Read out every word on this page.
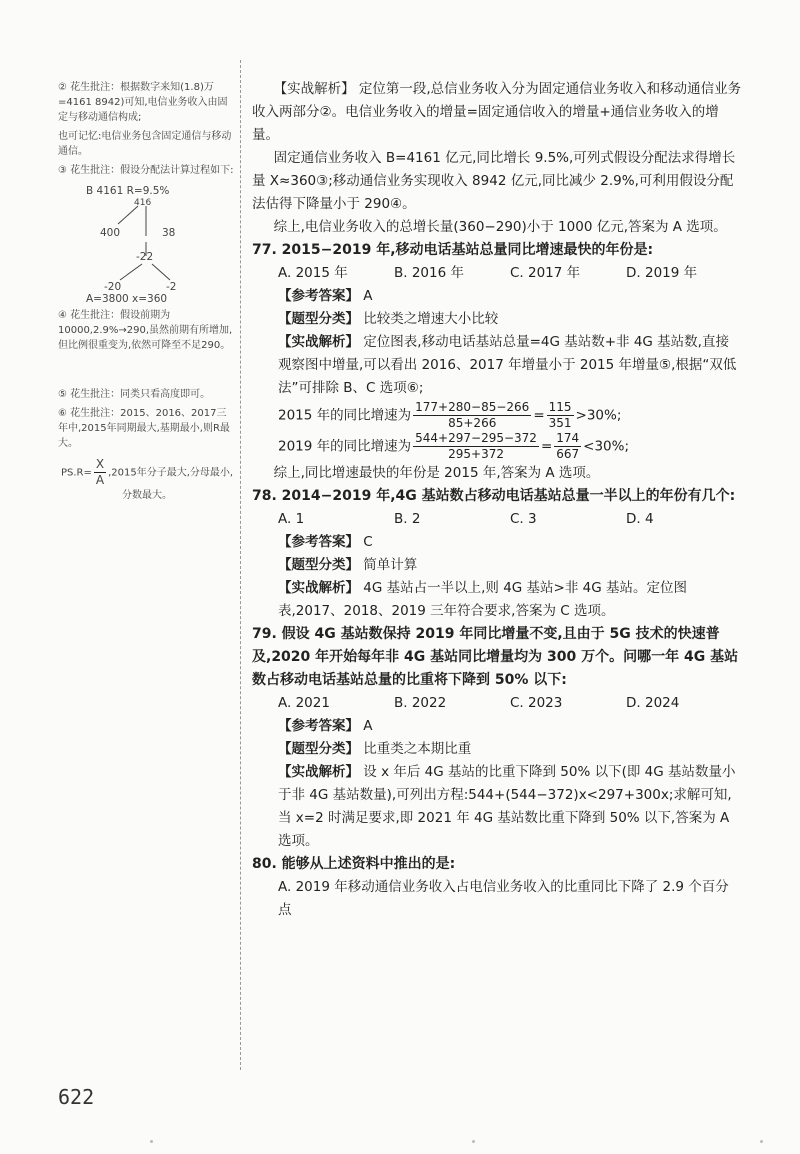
② 花生批注：根据数字来知(1.8)万=4161 8942)可知,电信业务收入由固定与移动通信构成;

也可记忆:电信业务包含固定通信与移动通信。

③ 花生批注：假设分配法计算过程如下:

B 4161 R=9.5%
416
400	38
-22
-20	-2
A=3800 x=360

④ 花生批注：假设前期为10000,2.9%→290,虽然前期有所增加,但比例很重变为,依然可降至不足290。

⑤ 花生批注：同类只看高度即可。

⑥ 花生批注：2015、2016、2017三年中,2015年同期最大,基期最小,则R最大。

$PS.R= \frac{X}{A} ,2015$年分子最大,分母最小,分数最大。

【实战解析】 定位第一段,总信业务收入分为固定通信业务收入和移动通信业务收入两部分②。电信业务收入的增量=固定通信收入的增量+通信业务收入的增量。

固定通信业务收入 B=4161 亿元,同比增长 9.5%,可列式假设分配法求得增长量 X≈360③;移动通信业务实现收入 8942 亿元,同比减少 2.9%,可利用假设分配法估得下降量小于 290④。

综上,电信业务收入的总增长量(360−290)小于 1000 亿元,答案为 A 选项。

77. 2015−2019 年,移动电话基站总量同比增速最快的年份是:

A. 2015 年	B. 2016 年	C. 2017 年	D. 2019 年

【参考答案】 A

【题型分类】 比较类之增速大小比较

【实战解析】 定位图表,移动电话基站总量=4G 基站数+非 4G 基站数,直接观察图中增量,可以看出 2016、2017 年增量小于 2015 年增量⑤,根据“双低法”可排除 B、C 选项⑥;

2015 年的同比增速为 $\frac{177+280-85-266}{85+266} = \frac{115}{351} >30\%$;

2019 年的同比增速为 $\frac{544+297-295-372}{295+372} = \frac{174}{667} <30\%$;

综上,同比增速最快的年份是 2015 年,答案为 A 选项。

78. 2014−2019 年,4G 基站数占移动电话基站总量一半以上的年份有几个:

A. 1	B. 2	C. 3	D. 4

【参考答案】 C

【题型分类】 简单计算

【实战解析】 4G 基站占一半以上,则 4G 基站>非 4G 基站。定位图表,2017、2018、2019 三年符合要求,答案为 C 选项。

79. 假设 4G 基站数保持 2019 年同比增量不变,且由于 5G 技术的快速普及,2020 年开始每年非 4G 基站同比增量均为 300 万个。问哪一年 4G 基站数占移动电话基站总量的比重将下降到 50% 以下:

A. 2021	B. 2022	C. 2023	D. 2024

【参考答案】 A

【题型分类】 比重类之本期比重

【实战解析】 设 x 年后 4G 基站的比重下降到 50% 以下(即 4G 基站数量小于非 4G 基站数量),可列出方程:544+(544−372)x<297+300x;求解可知,当 x=2 时满足要求,即 2021 年 4G 基站数比重下降到 50% 以下,答案为 A 选项。

80. 能够从上述资料中推出的是:

A. 2019 年移动通信业务收入占电信业务收入的比重同比下降了 2.9 个百分点

622
